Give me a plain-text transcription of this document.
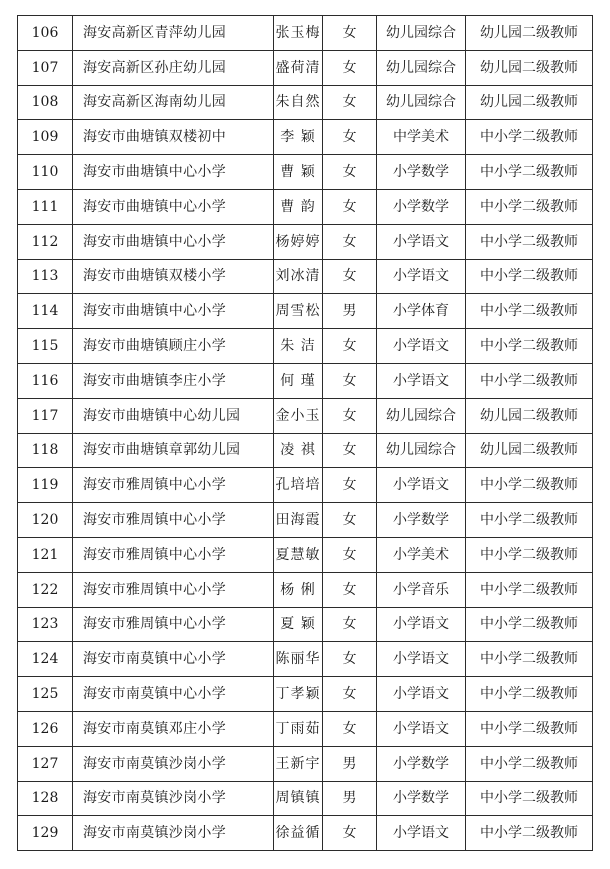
106	海安高新区青萍幼儿园	张玉梅	女	幼儿园综合	幼儿园二级教师
107	海安高新区孙庄幼儿园	盛荷清	女	幼儿园综合	幼儿园二级教师
108	海安高新区海南幼儿园	朱自然	女	幼儿园综合	幼儿园二级教师
109	海安市曲塘镇双楼初中	李 颖	女	中学美术	中小学二级教师
110	海安市曲塘镇中心小学	曹 颖	女	小学数学	中小学二级教师
111	海安市曲塘镇中心小学	曹 韵	女	小学数学	中小学二级教师
112	海安市曲塘镇中心小学	杨婷婷	女	小学语文	中小学二级教师
113	海安市曲塘镇双楼小学	刘冰清	女	小学语文	中小学二级教师
114	海安市曲塘镇中心小学	周雪松	男	小学体育	中小学二级教师
115	海安市曲塘镇顾庄小学	朱 洁	女	小学语文	中小学二级教师
116	海安市曲塘镇李庄小学	何 瑾	女	小学语文	中小学二级教师
117	海安市曲塘镇中心幼儿园	金小玉	女	幼儿园综合	幼儿园二级教师
118	海安市曲塘镇章郭幼儿园	凌 祺	女	幼儿园综合	幼儿园二级教师
119	海安市雅周镇中心小学	孔培培	女	小学语文	中小学二级教师
120	海安市雅周镇中心小学	田海霞	女	小学数学	中小学二级教师
121	海安市雅周镇中心小学	夏慧敏	女	小学美术	中小学二级教师
122	海安市雅周镇中心小学	杨 俐	女	小学音乐	中小学二级教师
123	海安市雅周镇中心小学	夏 颖	女	小学语文	中小学二级教师
124	海安市南莫镇中心小学	陈丽华	女	小学语文	中小学二级教师
125	海安市南莫镇中心小学	丁孝颖	女	小学语文	中小学二级教师
126	海安市南莫镇邓庄小学	丁雨茹	女	小学语文	中小学二级教师
127	海安市南莫镇沙岗小学	王新宇	男	小学数学	中小学二级教师
128	海安市南莫镇沙岗小学	周镇镇	男	小学数学	中小学二级教师
129	海安市南莫镇沙岗小学	徐益循	女	小学语文	中小学二级教师
